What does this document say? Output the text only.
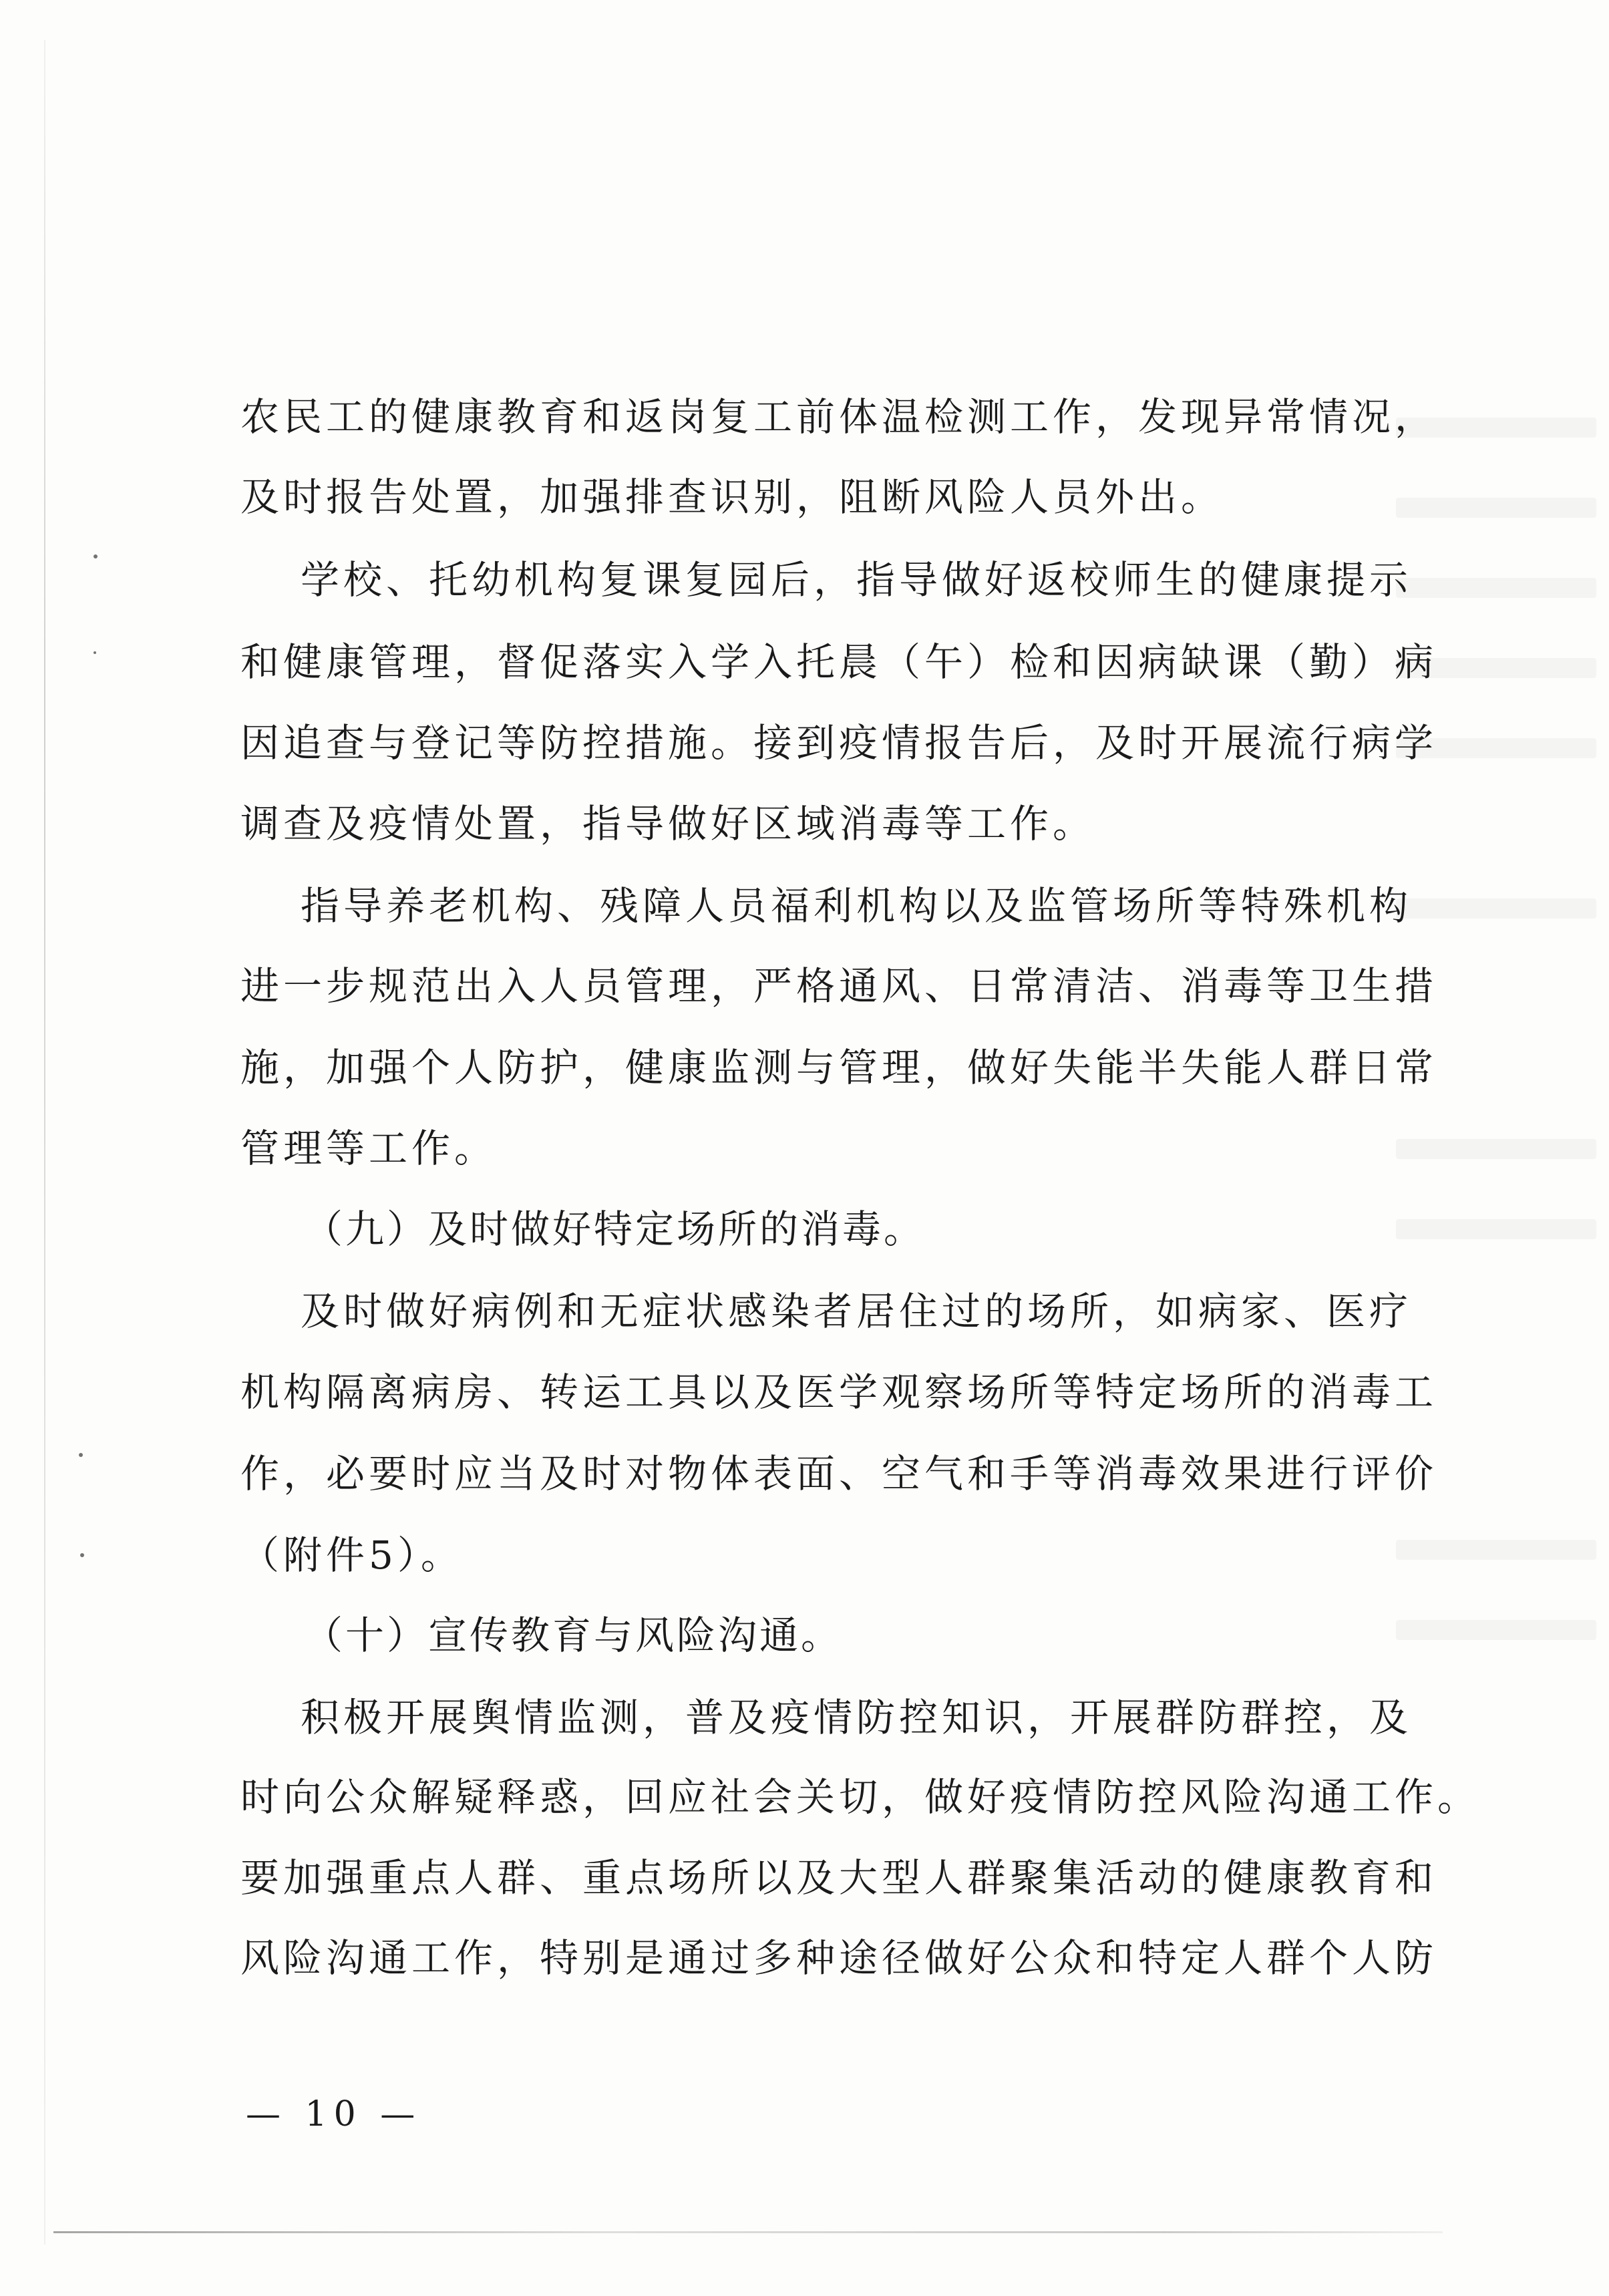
农民工的健康教育和返岗复工前体温检测工作，发现异常情况，
及时报告处置，加强排查识别，阻断风险人员外出。
学校、托幼机构复课复园后，指导做好返校师生的健康提示
和健康管理，督促落实入学入托晨（午）检和因病缺课（勤）病
因追查与登记等防控措施。接到疫情报告后，及时开展流行病学
调查及疫情处置，指导做好区域消毒等工作。
指导养老机构、残障人员福利机构以及监管场所等特殊机构
进一步规范出入人员管理，严格通风、日常清洁、消毒等卫生措
施，加强个人防护，健康监测与管理，做好失能半失能人群日常
管理等工作。
（九）及时做好特定场所的消毒。
及时做好病例和无症状感染者居住过的场所，如病家、医疗
机构隔离病房、转运工具以及医学观察场所等特定场所的消毒工
作，必要时应当及时对物体表面、空气和手等消毒效果进行评价
（附件5）。
（十）宣传教育与风险沟通。
积极开展舆情监测，普及疫情防控知识，开展群防群控，及
时向公众解疑释惑，回应社会关切，做好疫情防控风险沟通工作。
要加强重点人群、重点场所以及大型人群聚集活动的健康教育和
风险沟通工作，特别是通过多种途径做好公众和特定人群个人防
— 10 —
